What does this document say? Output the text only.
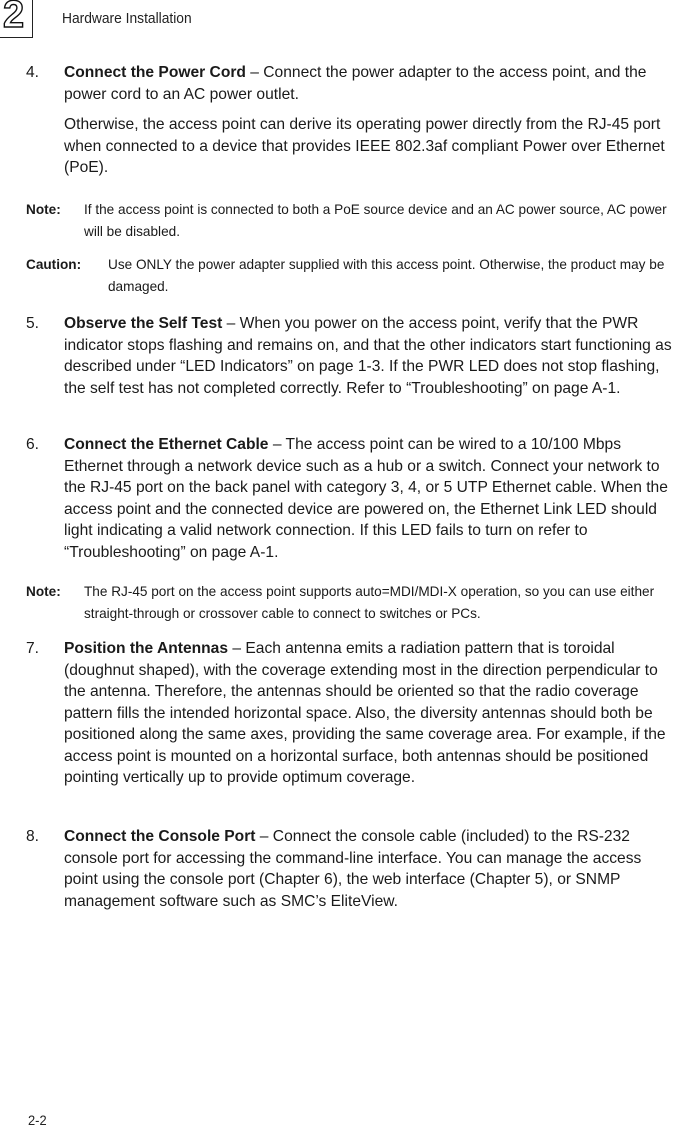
2	Hardware Installation
4. Connect the Power Cord – Connect the power adapter to the access point, and the power cord to an AC power outlet.

Otherwise, the access point can derive its operating power directly from the RJ-45 port when connected to a device that provides IEEE 802.3af compliant Power over Ethernet (PoE).

Note: If the access point is connected to both a PoE source device and an AC power source, AC power will be disabled.
Caution: Use ONLY the power adapter supplied with this access point. Otherwise, the product may be damaged.
5. Observe the Self Test – When you power on the access point, verify that the PWR indicator stops flashing and remains on, and that the other indicators start functioning as described under “LED Indicators” on page 1-3. If the PWR LED does not stop flashing, the self test has not completed correctly. Refer to “Troubleshooting” on page A-1.

6. Connect the Ethernet Cable – The access point can be wired to a 10/100 Mbps Ethernet through a network device such as a hub or a switch. Connect your network to the RJ-45 port on the back panel with category 3, 4, or 5 UTP Ethernet cable. When the access point and the connected device are powered on, the Ethernet Link LED should light indicating a valid network connection. If this LED fails to turn on refer to “Troubleshooting” on page A-1.

Note: The RJ-45 port on the access point supports auto=MDI/MDI-X operation, so you can use either straight-through or crossover cable to connect to switches or PCs.
7. Position the Antennas – Each antenna emits a radiation pattern that is toroidal (doughnut shaped), with the coverage extending most in the direction perpendicular to the antenna. Therefore, the antennas should be oriented so that the radio coverage pattern fills the intended horizontal space. Also, the diversity antennas should both be positioned along the same axes, providing the same coverage area. For example, if the access point is mounted on a horizontal surface, both antennas should be positioned pointing vertically up to provide optimum coverage.

8. Connect the Console Port – Connect the console cable (included) to the RS-232 console port for accessing the command-line interface. You can manage the access point using the console port (Chapter 6), the web interface (Chapter 5), or SNMP management software such as SMC’s EliteView.

2-2
